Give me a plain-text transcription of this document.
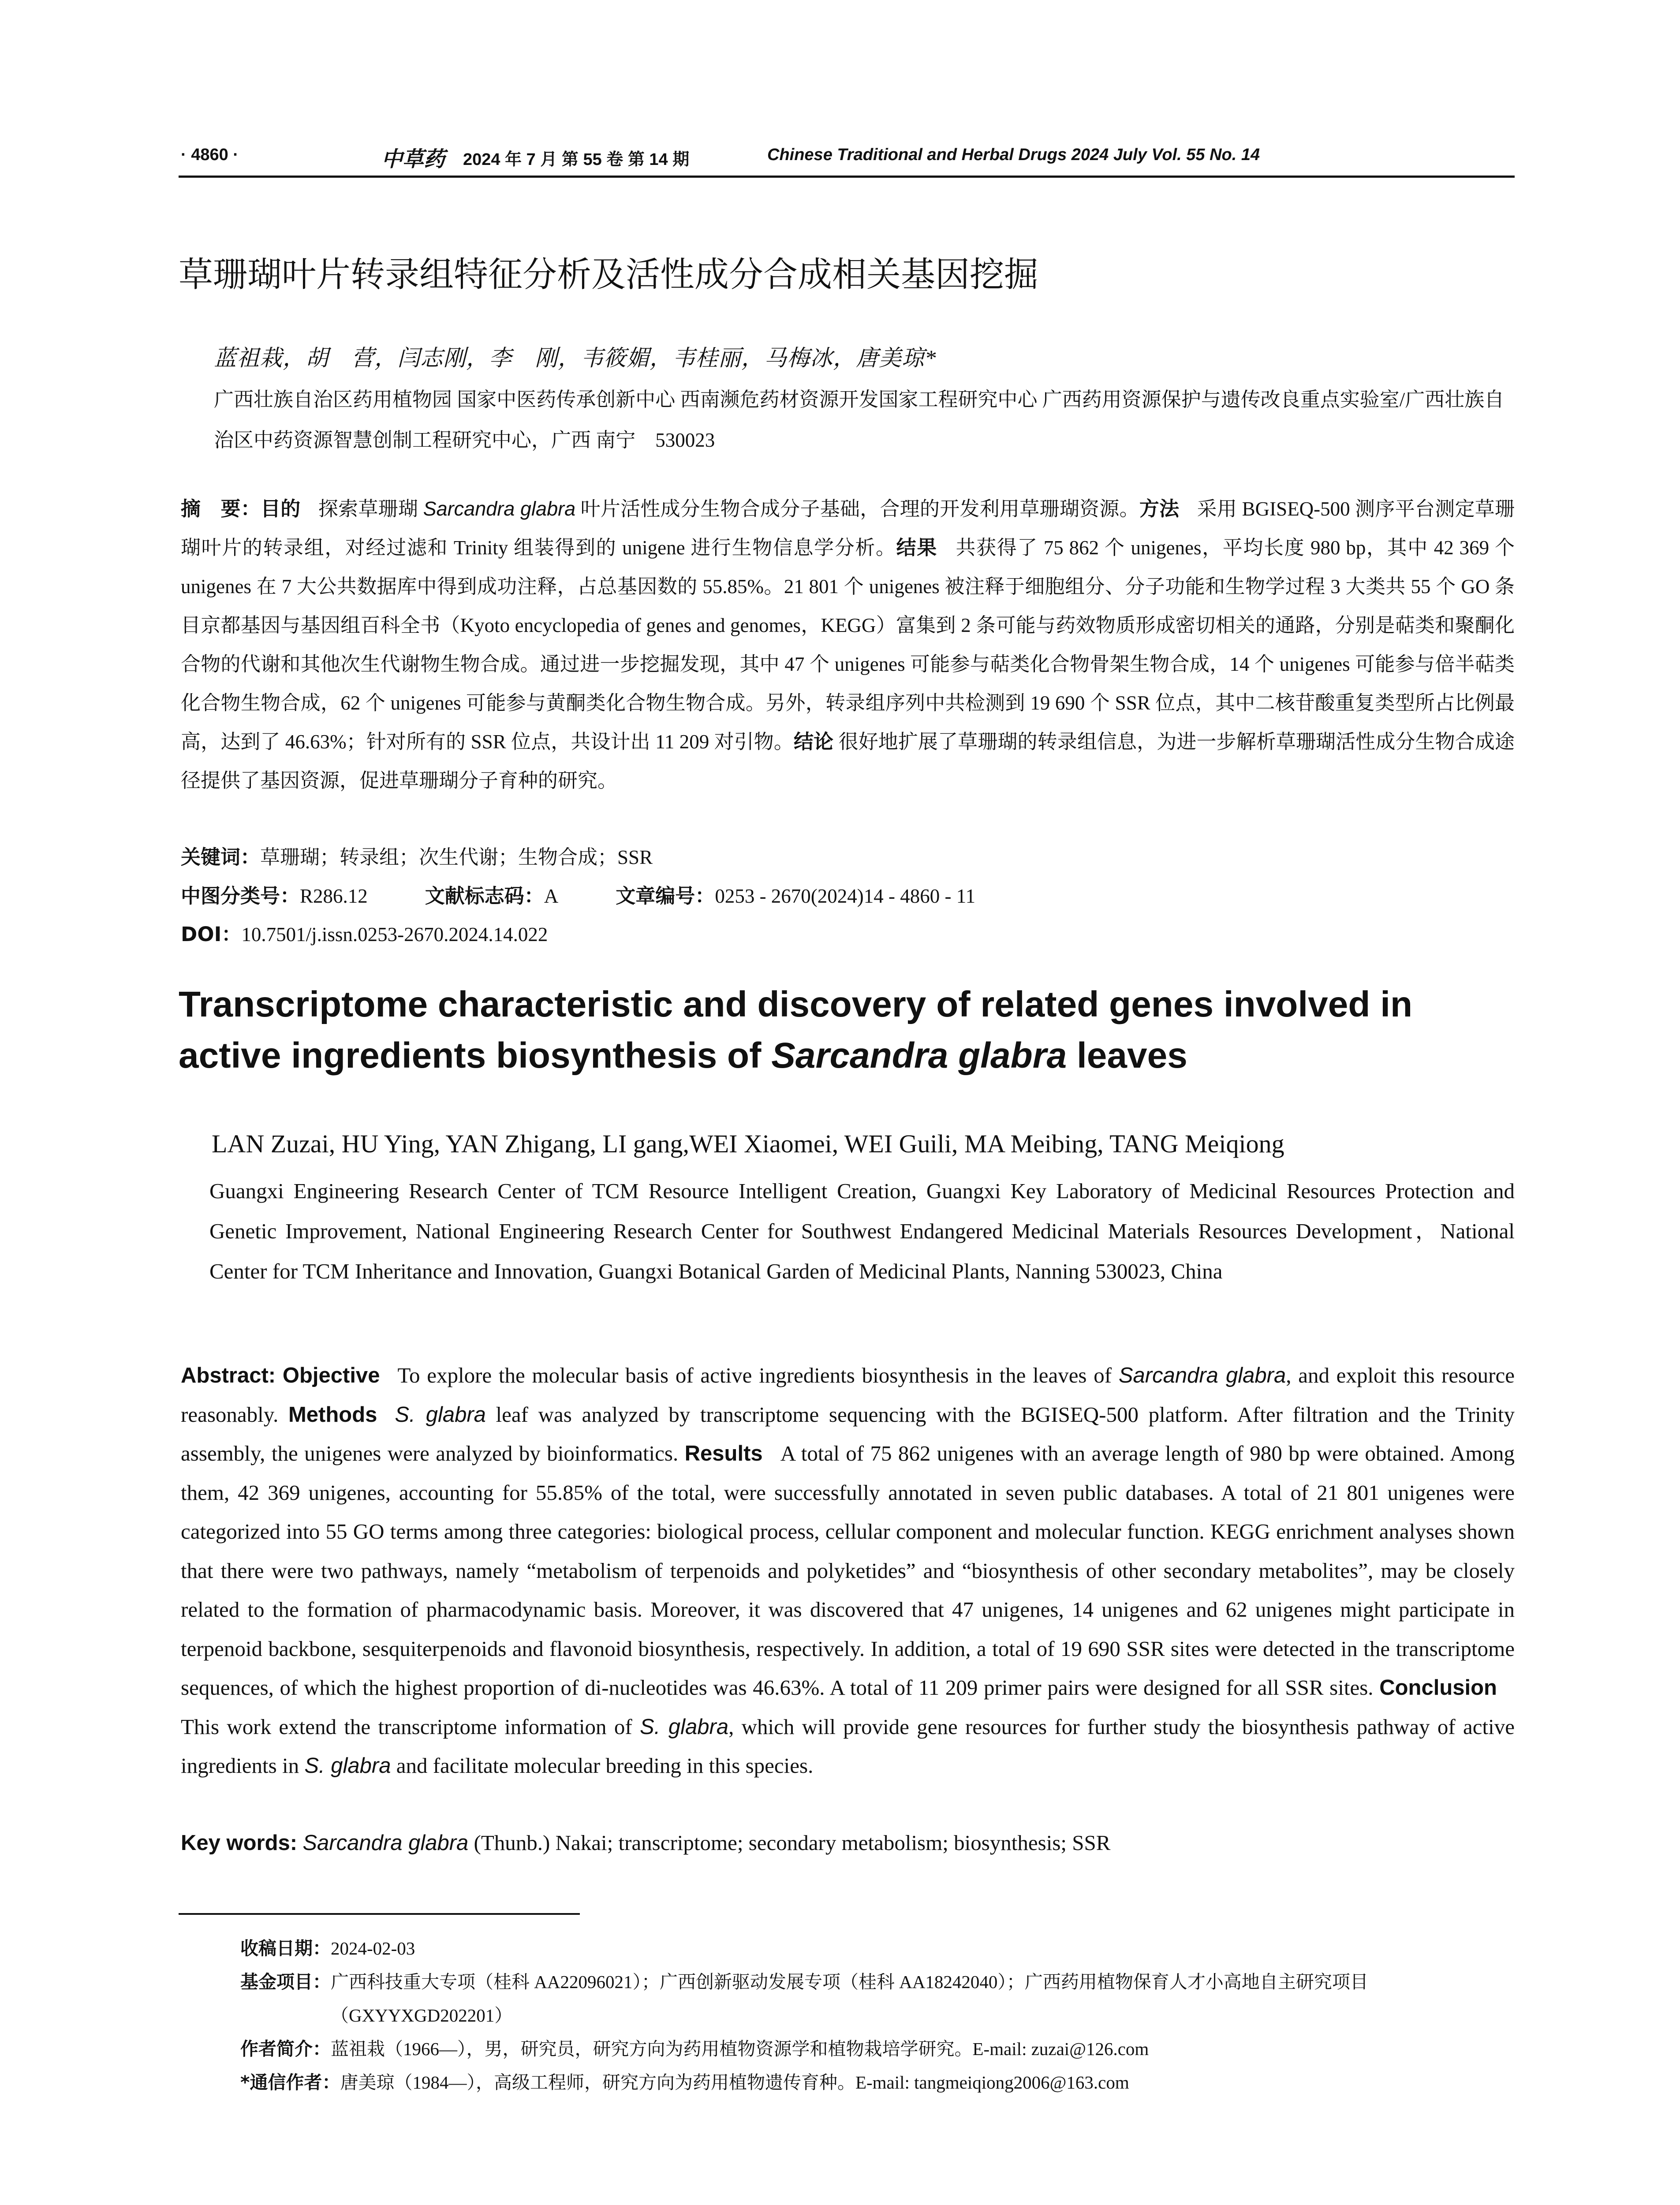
· 4860 ·	中草药 2024 年 7 月 第 55 卷 第 14 期	Chinese Traditional and Herbal Drugs 2024 July Vol. 55 No. 14
草珊瑚叶片转录组特征分析及活性成分合成相关基因挖掘
蓝祖栽，胡　营，闫志刚，李　刚，韦筱媚，韦桂丽，马梅冰，唐美琼*
广西壮族自治区药用植物园 国家中医药传承创新中心 西南濒危药材资源开发国家工程研究中心 广西药用资源保护与遗传改良重点实验室/广西壮族自治区中药资源智慧创制工程研究中心，广西 南宁　530023
摘　要：目的 探索草珊瑚 Sarcandra glabra 叶片活性成分生物合成分子基础，合理的开发利用草珊瑚资源。方法 采用 BGISEQ-500 测序平台测定草珊瑚叶片的转录组，对经过滤和 Trinity 组装得到的 unigene 进行生物信息学分析。结果 共获得了 75 862 个 unigenes，平均长度 980 bp，其中 42 369 个 unigenes 在 7 大公共数据库中得到成功注释，占总基因数的 55.85%。21 801 个 unigenes 被注释于细胞组分、分子功能和生物学过程 3 大类共 55 个 GO 条目京都基因与基因组百科全书（Kyoto encyclopedia of genes and genomes，KEGG）富集到 2 条可能与药效物质形成密切相关的通路，分别是萜类和聚酮化合物的代谢和其他次生代谢物生物合成。通过进一步挖掘发现，其中 47 个 unigenes 可能参与萜类化合物骨架生物合成，14 个 unigenes 可能参与倍半萜类化合物生物合成，62 个 unigenes 可能参与黄酮类化合物生物合成。另外，转录组序列中共检测到 19 690 个 SSR 位点，其中二核苷酸重复类型所占比例最高，达到了 46.63%；针对所有的 SSR 位点，共设计出 11 209 对引物。结论 很好地扩展了草珊瑚的转录组信息，为进一步解析草珊瑚活性成分生物合成途径提供了基因资源，促进草珊瑚分子育种的研究。
关键词：草珊瑚；转录组；次生代谢；生物合成；SSR
中图分类号：R286.12	文献标志码：A	文章编号：0253 - 2670(2024)14 - 4860 - 11
DOI：10.7501/j.issn.0253-2670.2024.14.022
Transcriptome characteristic and discovery of related genes involved in active ingredients biosynthesis of Sarcandra glabra leaves
LAN Zuzai, HU Ying, YAN Zhigang, LI gang,WEI Xiaomei, WEI Guili, MA Meibing, TANG Meiqiong
Guangxi Engineering Research Center of TCM Resource Intelligent Creation, Guangxi Key Laboratory of Medicinal Resources Protection and Genetic Improvement, National Engineering Research Center for Southwest Endangered Medicinal Materials Resources Development，National Center for TCM Inheritance and Innovation, Guangxi Botanical Garden of Medicinal Plants, Nanning 530023, China
Abstract: Objective To explore the molecular basis of active ingredients biosynthesis in the leaves of Sarcandra glabra, and exploit this resource reasonably. Methods S. glabra leaf was analyzed by transcriptome sequencing with the BGISEQ-500 platform. After filtration and the Trinity assembly, the unigenes were analyzed by bioinformatics. Results A total of 75 862 unigenes with an average length of 980 bp were obtained. Among them, 42 369 unigenes, accounting for 55.85% of the total, were successfully annotated in seven public databases. A total of 21 801 unigenes were categorized into 55 GO terms among three categories: biological process, cellular component and molecular function. KEGG enrichment analyses shown that there were two pathways, namely “metabolism of terpenoids and polyketides” and “biosynthesis of other secondary metabolites”, may be closely related to the formation of pharmacodynamic basis. Moreover, it was discovered that 47 unigenes, 14 unigenes and 62 unigenes might participate in terpenoid backbone, sesquiterpenoids and flavonoid biosynthesis, respectively. In addition, a total of 19 690 SSR sites were detected in the transcriptome sequences, of which the highest proportion of di-nucleotides was 46.63%. A total of 11 209 primer pairs were designed for all SSR sites. ConclusionThis work extend the transcriptome information of S. glabra, which will provide gene resources for further study the biosynthesis pathway of active ingredients in S. glabra and facilitate molecular breeding in this species.
Key words: Sarcandra glabra (Thunb.) Nakai; transcriptome; secondary metabolism; biosynthesis; SSR
收稿日期： 2024-02-03
基金项目： 广西科技重大专项（桂科 AA22096021）；广西创新驱动发展专项（桂科 AA18242040）；广西药用植物保育人才小高地自主研究项目（GXYYXGD202201）
作者简介： 蓝祖栽（1966—），男，研究员，研究方向为药用植物资源学和植物栽培学研究。E-mail: zuzai@126.com
*通信作者： 唐美琼（1984—），高级工程师，研究方向为药用植物遗传育种。E-mail: tangmeiqiong2006@163.com
